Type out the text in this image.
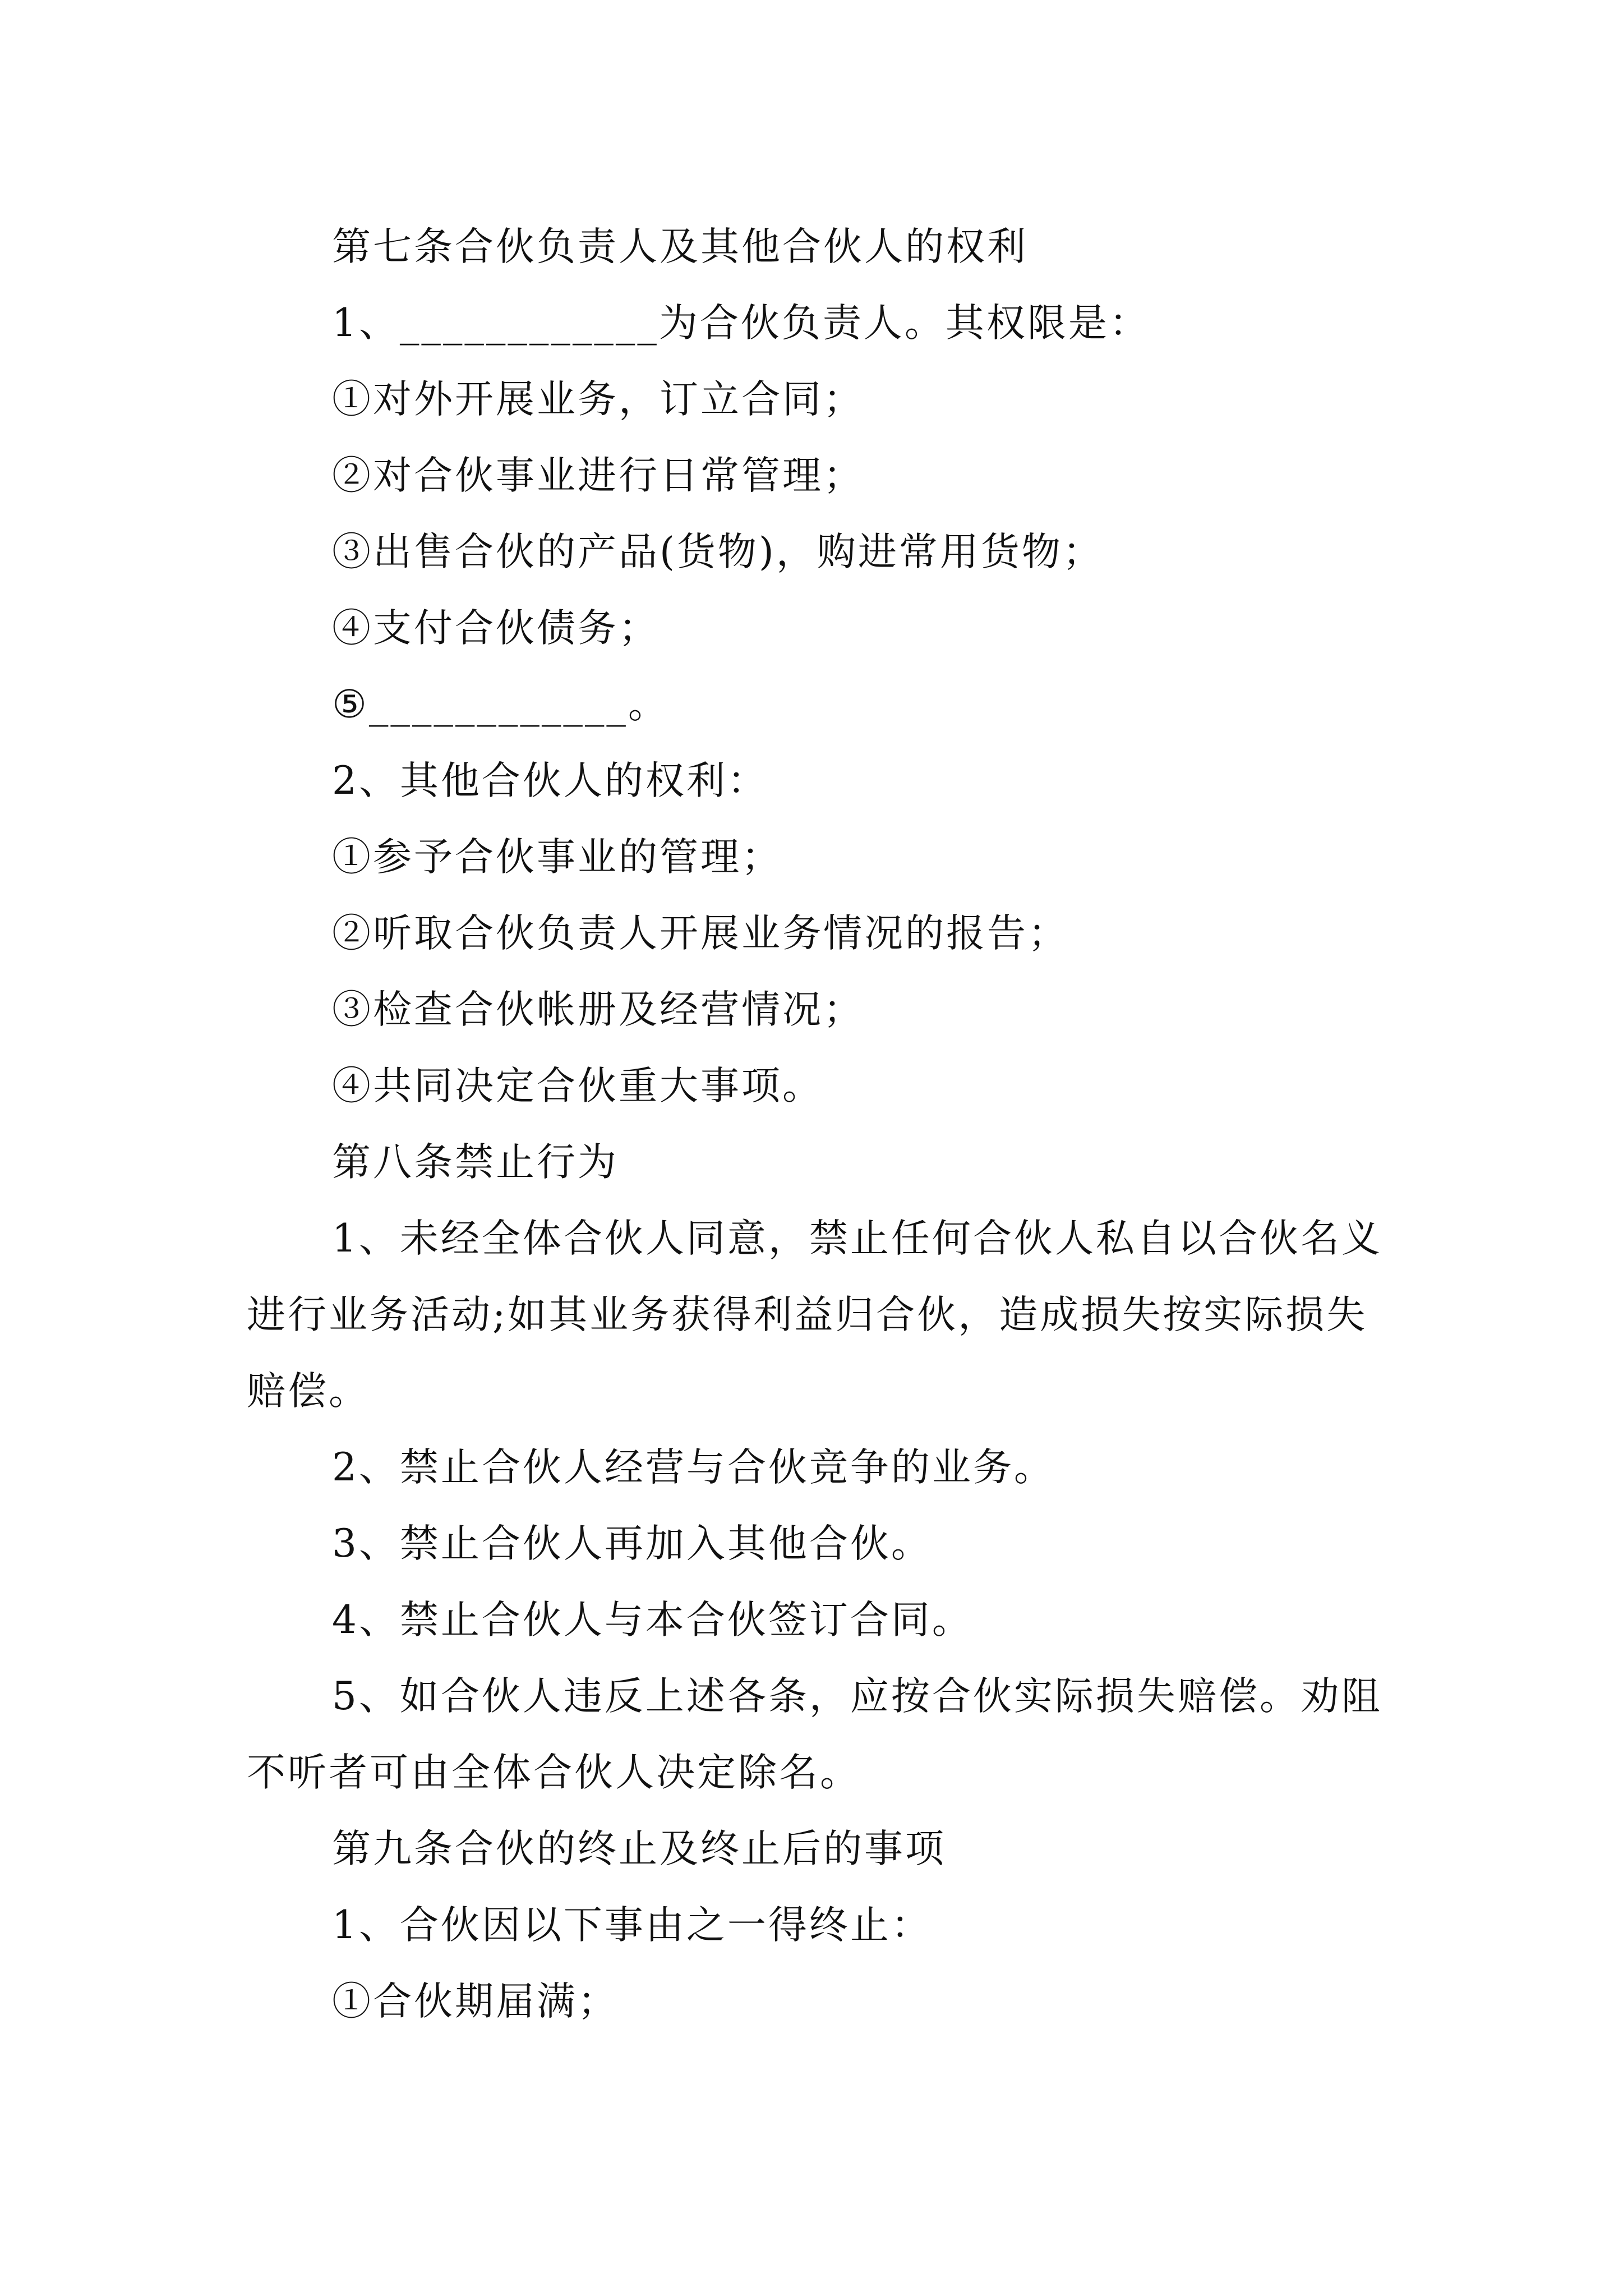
第七条合伙负责人及其他合伙人的权利

1、____________为合伙负责人。其权限是：

①对外开展业务，订立合同；

②对合伙事业进行日常管理；

③出售合伙的产品(货物)，购进常用货物；

④支付合伙债务；

⑤____________。

2、其他合伙人的权利：

①参予合伙事业的管理；

②听取合伙负责人开展业务情况的报告；

③检查合伙帐册及经营情况；

④共同决定合伙重大事项。

第八条禁止行为

1、未经全体合伙人同意，禁止任何合伙人私自以合伙名义进行业务活动;如其业务获得利益归合伙，造成损失按实际损失赔偿。

2、禁止合伙人经营与合伙竞争的业务。

3、禁止合伙人再加入其他合伙。

4、禁止合伙人与本合伙签订合同。

5、如合伙人违反上述各条，应按合伙实际损失赔偿。劝阻不听者可由全体合伙人决定除名。

第九条合伙的终止及终止后的事项

1、合伙因以下事由之一得终止：

①合伙期届满；
